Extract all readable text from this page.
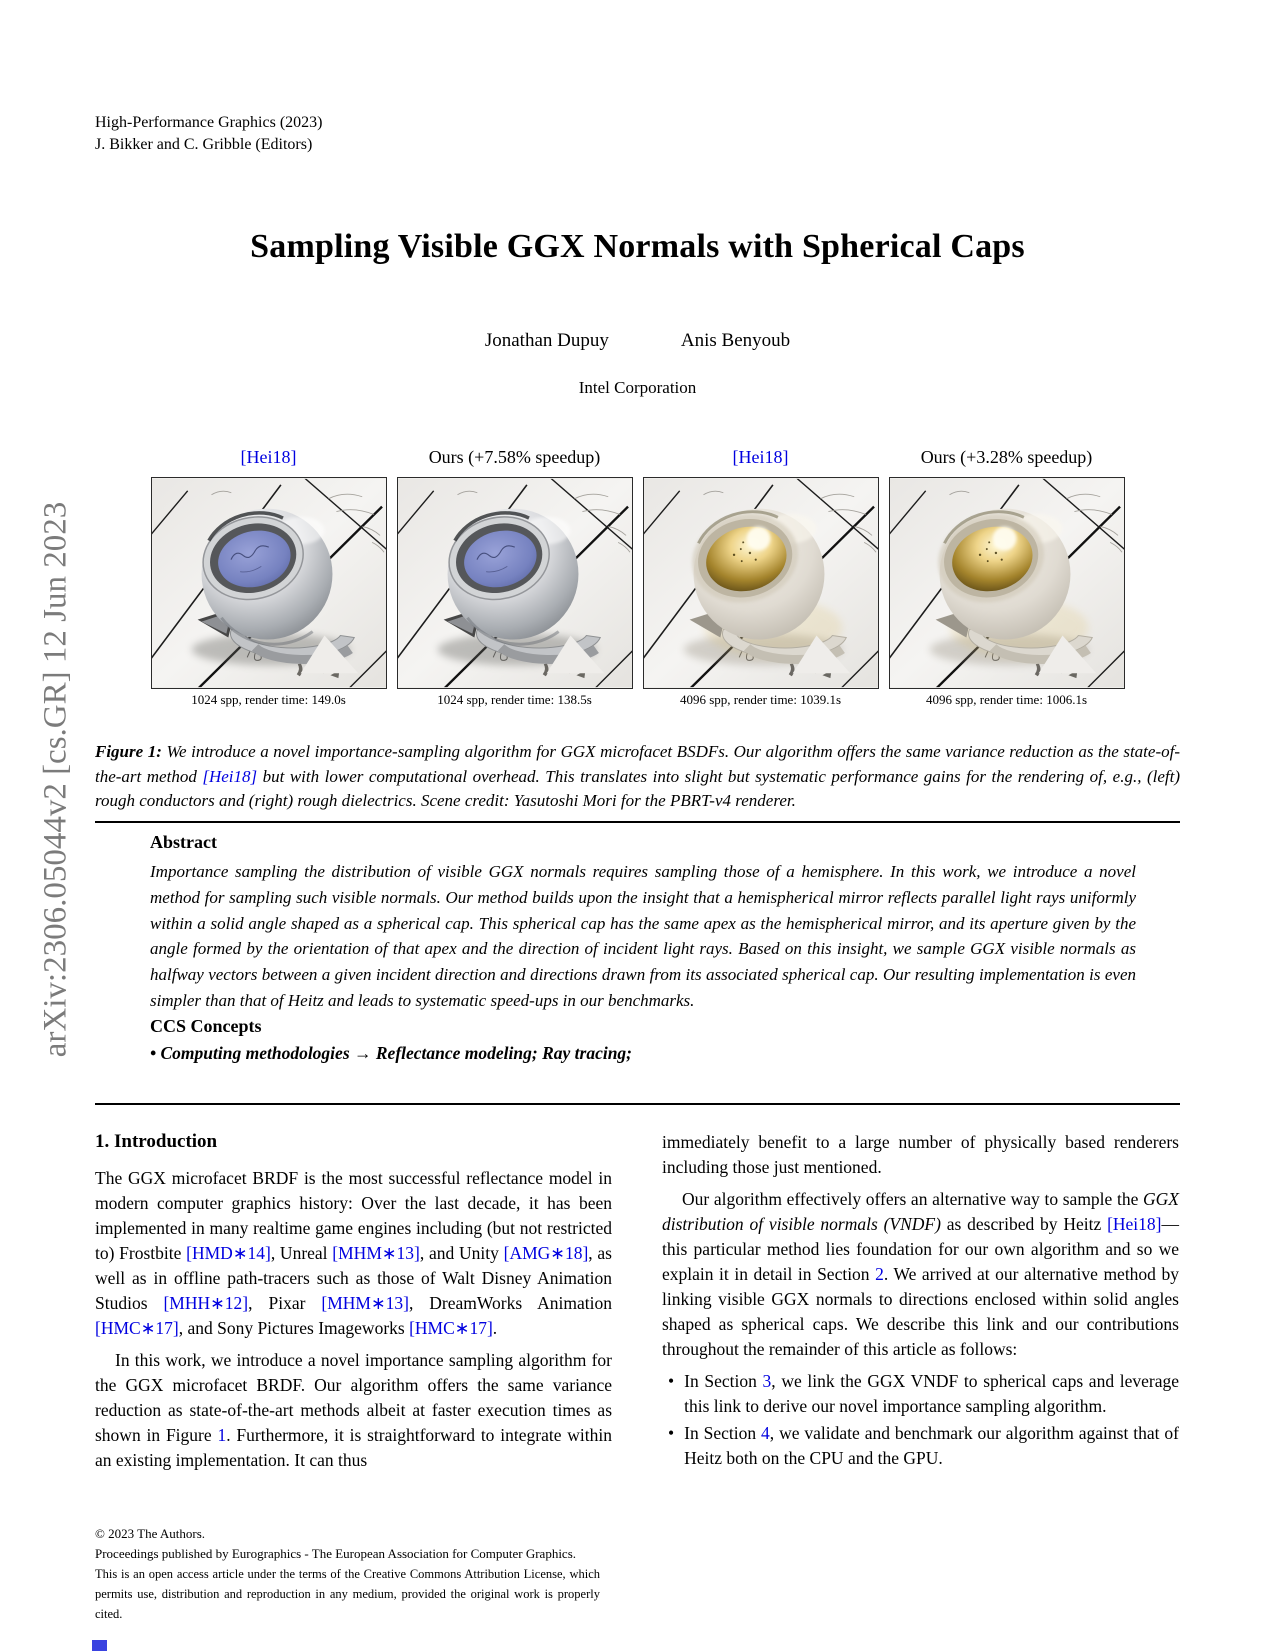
High-Performance Graphics (2023)
J. Bikker and C. Gribble (Editors)
arXiv:2306.05044v2 [cs.GR] 12 Jun 2023
Sampling Visible GGX Normals with Spherical Caps
Jonathan Dupuy	Anis Benyoub
Intel Corporation
[Hei18]
1024 spp, render time: 149.0s
Ours (+7.58% speedup)
1024 spp, render time: 138.5s
[Hei18]
4096 spp, render time: 1039.1s
Ours (+3.28% speedup)
4096 spp, render time: 1006.1s
Figure 1: We introduce a novel importance-sampling algorithm for GGX microfacet BSDFs. Our algorithm offers the same variance reduction as the state-of-the-art method [Hei18] but with lower computational overhead. This translates into slight but systematic performance gains for the rendering of, e.g., (left) rough conductors and (right) rough dielectrics. Scene credit: Yasutoshi Mori for the PBRT-v4 renderer.
Abstract

Importance sampling the distribution of visible GGX normals requires sampling those of a hemisphere. In this work, we introduce a novel method for sampling such visible normals. Our method builds upon the insight that a hemispherical mirror reflects parallel light rays uniformly within a solid angle shaped as a spherical cap. This spherical cap has the same apex as the hemispherical mirror, and its aperture given by the angle formed by the orientation of that apex and the direction of incident light rays. Based on this insight, we sample GGX visible normals as halfway vectors between a given incident direction and directions drawn from its associated spherical cap. Our resulting implementation is even simpler than that of Heitz and leads to systematic speed-ups in our benchmarks.

CCS Concepts

• Computing methodologies → Reflectance modeling; Ray tracing;

1. Introduction

The GGX microfacet BRDF is the most successful reflectance model in modern computer graphics history: Over the last decade, it has been implemented in many realtime game engines including (but not restricted to) Frostbite [HMD∗14], Unreal [MHM∗13], and Unity [AMG∗18], as well as in offline path-tracers such as those of Walt Disney Animation Studios [MHH∗12], Pixar [MHM∗13], DreamWorks Animation [HMC∗17], and Sony Pictures Imageworks [HMC∗17].

In this work, we introduce a novel importance sampling algorithm for the GGX microfacet BRDF. Our algorithm offers the same variance reduction as state-of-the-art methods albeit at faster execution times as shown in Figure 1. Furthermore, it is straightforward to integrate within an existing implementation. It can thus

immediately benefit to a large number of physically based renderers including those just mentioned.

Our algorithm effectively offers an alternative way to sample the GGX distribution of visible normals (VNDF) as described by Heitz [Hei18]—this particular method lies foundation for our own algorithm and so we explain it in detail in Section 2. We arrived at our alternative method by linking visible GGX normals to directions enclosed within solid angles shaped as spherical caps. We describe this link and our contributions throughout the remainder of this article as follows:

• In Section 3, we link the GGX VNDF to spherical caps and leverage this link to derive our novel importance sampling algorithm.
• In Section 4, we validate and benchmark our algorithm against that of Heitz both on the CPU and the GPU.
© 2023 The Authors.
Proceedings published by Eurographics - The European Association for Computer Graphics.
This is an open access article under the terms of the Creative Commons Attribution License, which permits use, distribution and reproduction in any medium, provided the original work is properly cited.
